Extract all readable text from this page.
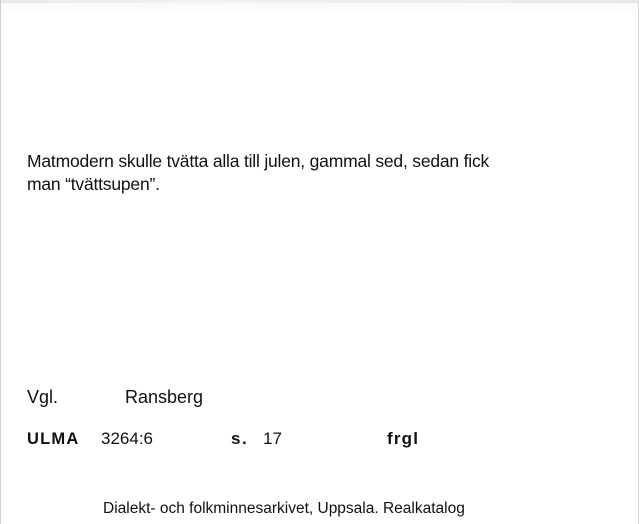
Matmodern skulle tvätta alla till julen, gammal sed, sedan fick
man “tvättsupen”.
Vgl.	Ransberg
ULMA 3264:6	s. 17	frgl
Dialekt- och folkminnesarkivet, Uppsala. Realkatalog
